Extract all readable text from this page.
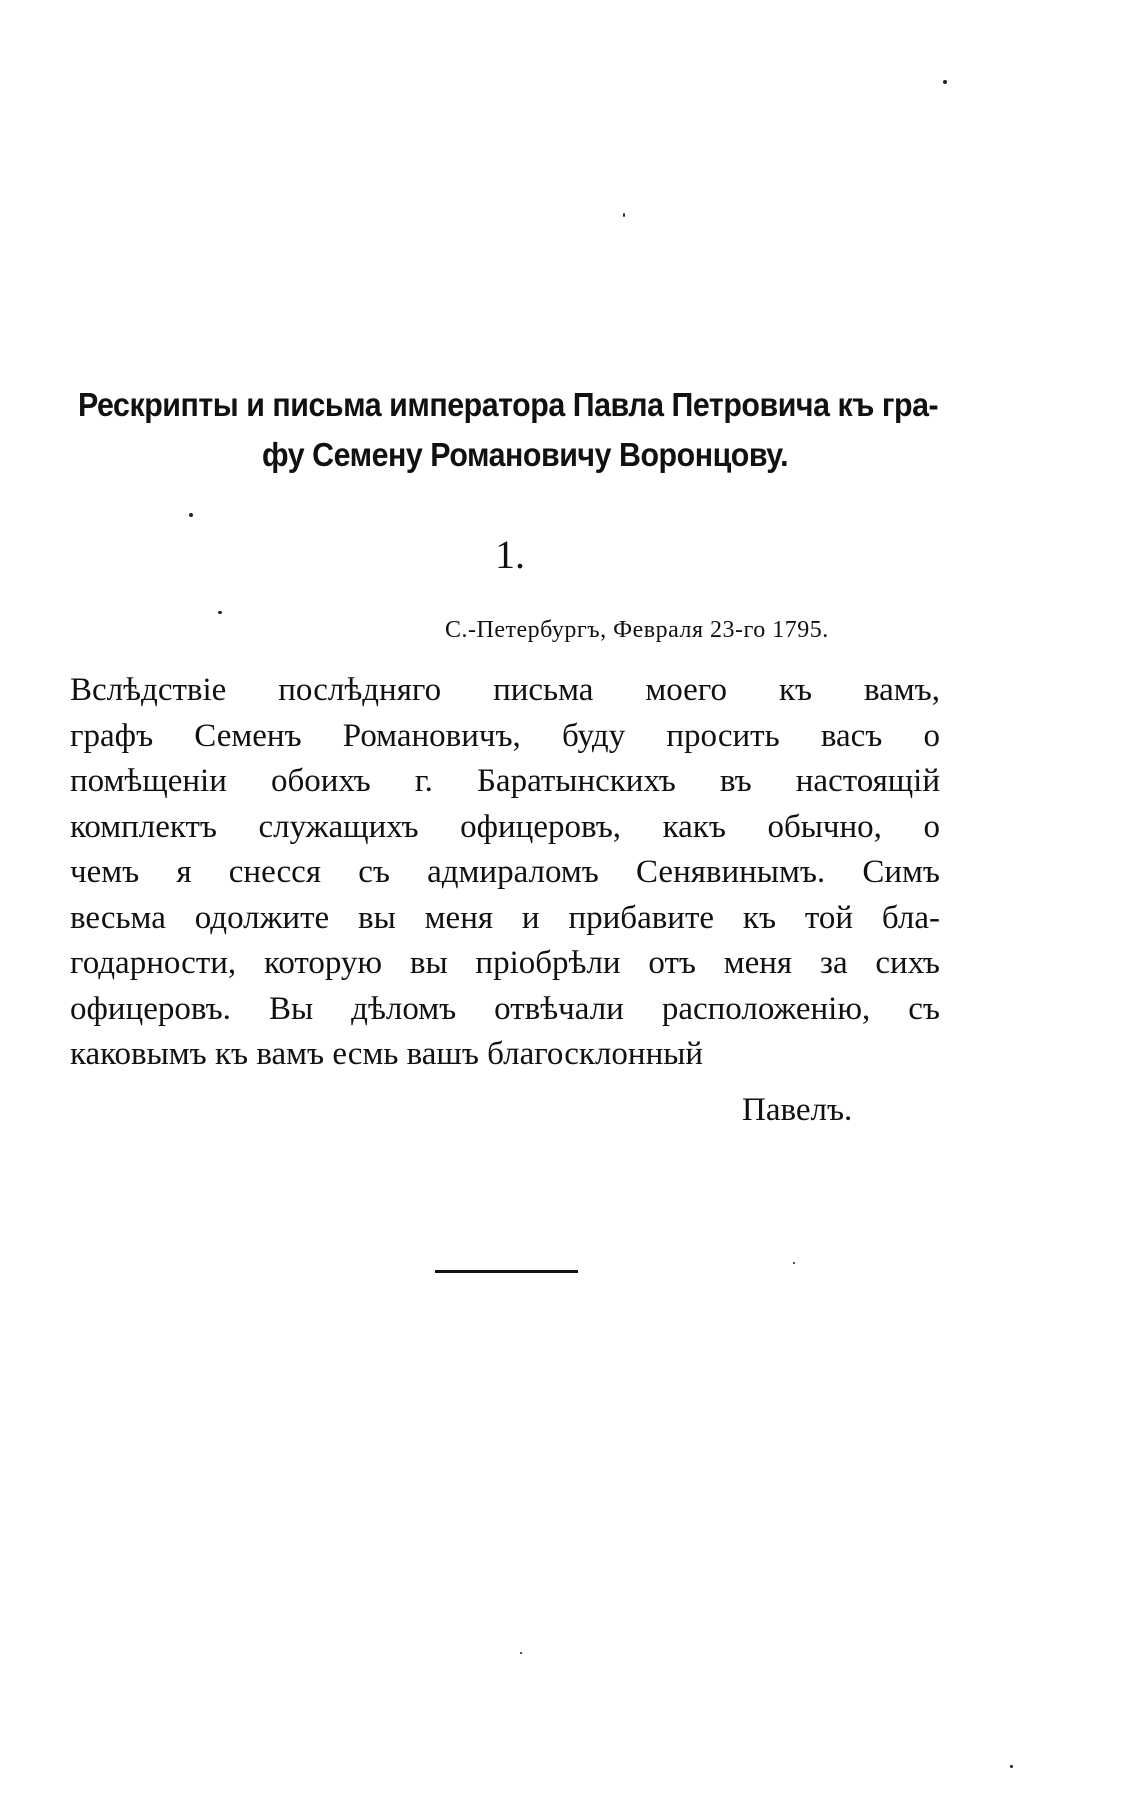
Рескрипты и письма императора Павла Петровича къ гра-
фу Семену Романовичу Воронцову.
1.
С.-Петербургъ, Февраля 23-го 1795.
Вслѣдствіе послѣдняго письма моего къ вамъ,
графъ Семенъ Романовичъ, буду просить васъ о
помѣщеніи обоихъ г. Баратынскихъ въ настоящій
комплектъ служащихъ офицеровъ, какъ обычно, о
чемъ я снесся съ адмираломъ Сенявинымъ. Симъ
весьма одолжите вы меня и прибавите къ той бла-
годарности, которую вы пріобрѣли отъ меня за сихъ
офицеровъ. Вы дѣломъ отвѣчали расположенію, съ
каковымъ къ вамъ есмь вашъ благосклонный
Павелъ.
